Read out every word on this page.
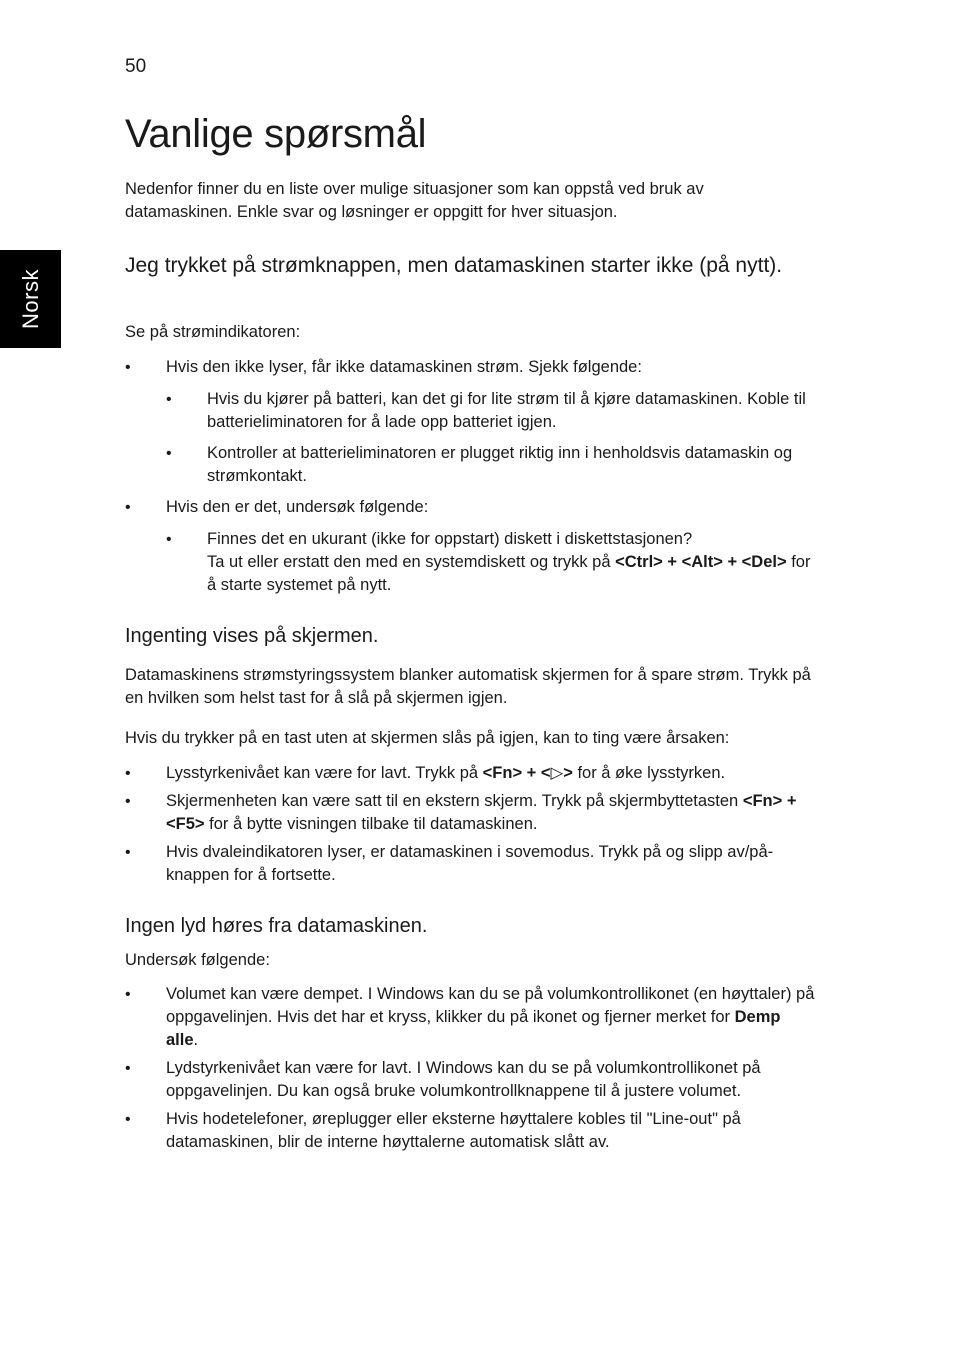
50
Norsk
Vanlige spørsmål

Nedenfor finner du en liste over mulige situasjoner som kan oppstå ved bruk av datamaskinen. Enkle svar og løsninger er oppgitt for hver situasjon.

Jeg trykket på strømknappen, men datamaskinen starter ikke (på nytt).

Se på strømindikatoren:

• Hvis den ikke lyser, får ikke datamaskinen strøm. Sjekk følgende:
• Hvis du kjører på batteri, kan det gi for lite strøm til å kjøre datamaskinen. Koble til batterieliminatoren for å lade opp batteriet igjen.
• Kontroller at batterieliminatoren er plugget riktig inn i henholdsvis datamaskin og strømkontakt.
• Hvis den er det, undersøk følgende:
• Finnes det en ukurant (ikke for oppstart) diskett i diskettstasjonen?
Ta ut eller erstatt den med en systemdiskett og trykk på <Ctrl> + <Alt> + <Del> for å starte systemet på nytt.

Ingenting vises på skjermen.

Datamaskinens strømstyringssystem blanker automatisk skjermen for å spare strøm. Trykk på en hvilken som helst tast for å slå på skjermen igjen.

Hvis du trykker på en tast uten at skjermen slås på igjen, kan to ting være årsaken:

• Lysstyrkenivået kan være for lavt. Trykk på <Fn> + <▷> for å øke lysstyrken.
• Skjermenheten kan være satt til en ekstern skjerm. Trykk på skjermbyttetasten <Fn> + <F5> for å bytte visningen tilbake til datamaskinen.
• Hvis dvaleindikatoren lyser, er datamaskinen i sovemodus. Trykk på og slipp av/på-knappen for å fortsette.

Ingen lyd høres fra datamaskinen.

Undersøk følgende:

• Volumet kan være dempet. I Windows kan du se på volumkontrollikonet (en høyttaler) på oppgavelinjen. Hvis det har et kryss, klikker du på ikonet og fjerner merket for Demp alle.
• Lydstyrkenivået kan være for lavt. I Windows kan du se på volumkontrollikonet på oppgavelinjen. Du kan også bruke volumkontrollknappene til å justere volumet.
• Hvis hodetelefoner, øreplugger eller eksterne høyttalere kobles til "Line-out" på datamaskinen, blir de interne høyttalerne automatisk slått av.
